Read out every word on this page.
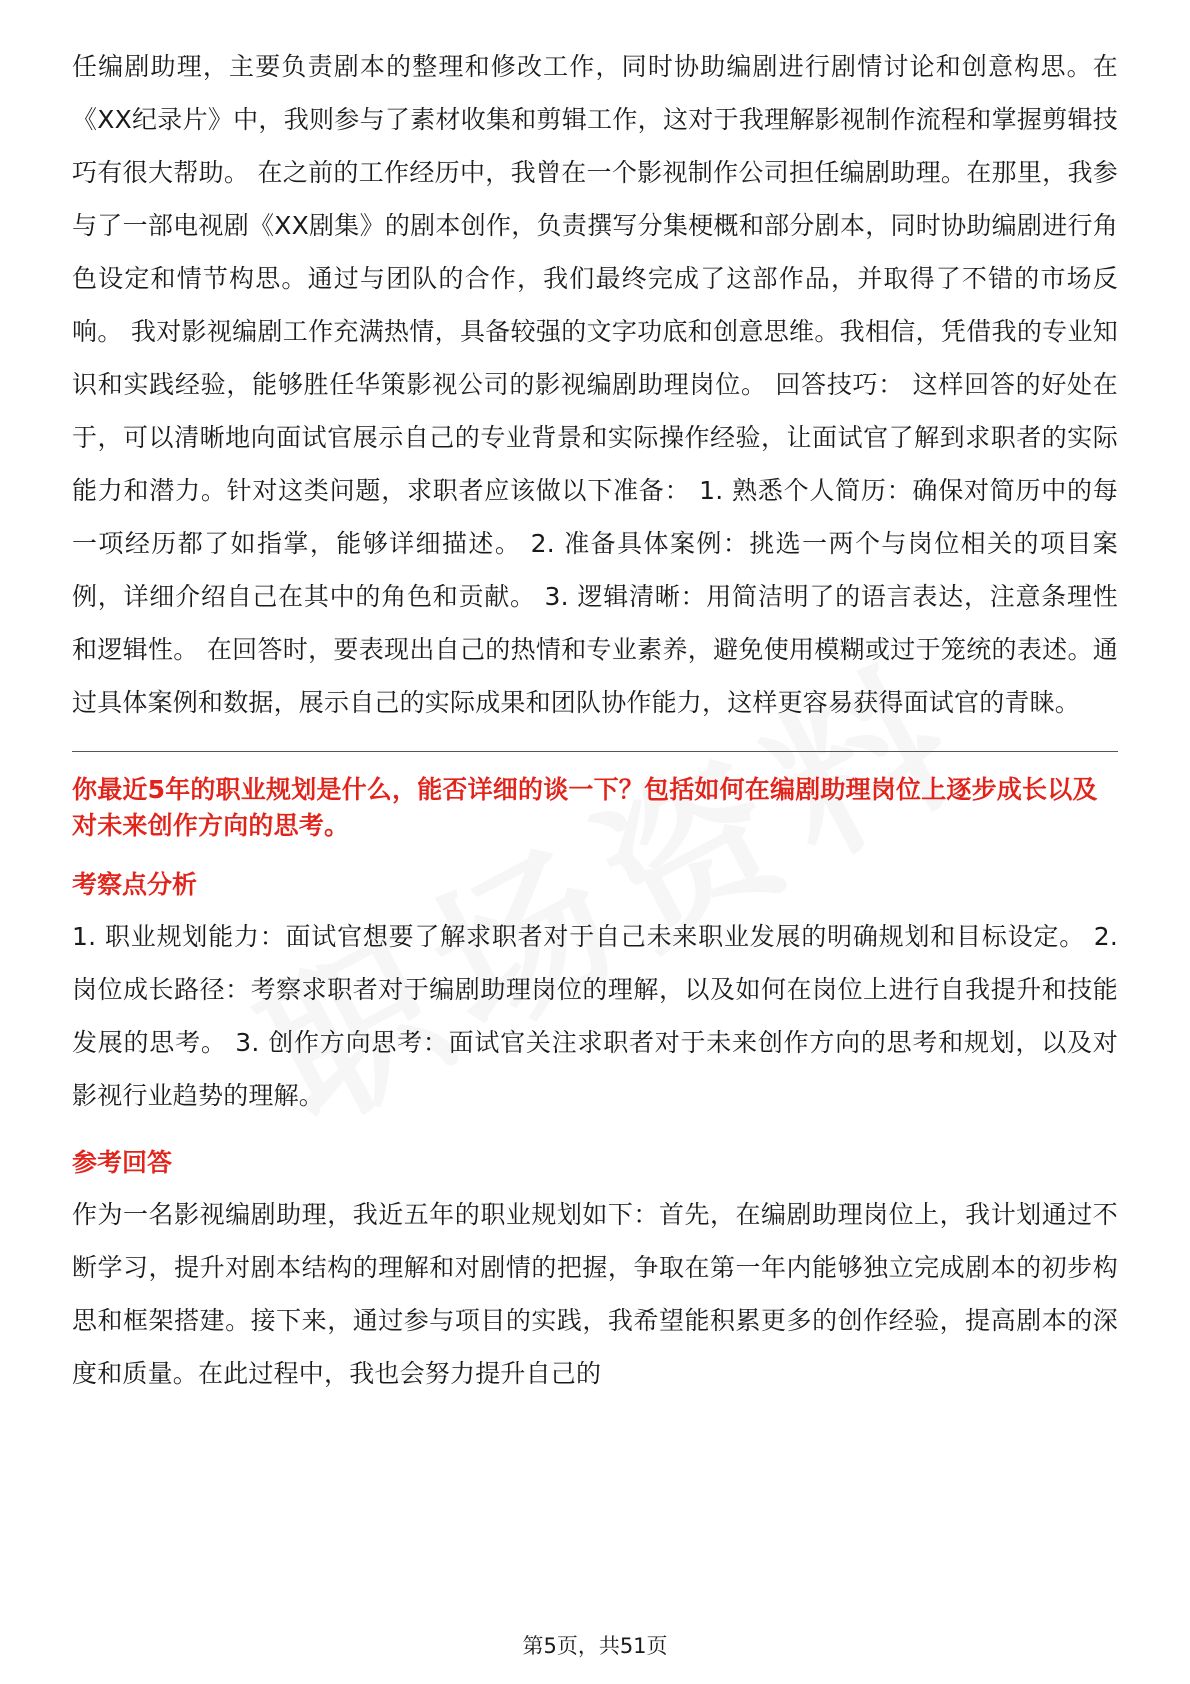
任编剧助理，主要负责剧本的整理和修改工作，同时协助编剧进行剧情讨论和创意构思。在《XX纪录片》中，我则参与了素材收集和剪辑工作，这对于我理解影视制作流程和掌握剪辑技巧有很大帮助。 在之前的工作经历中，我曾在一个影视制作公司担任编剧助理。在那里，我参与了一部电视剧《XX剧集》的剧本创作，负责撰写分集梗概和部分剧本，同时协助编剧进行角色设定和情节构思。通过与团队的合作，我们最终完成了这部作品，并取得了不错的市场反响。 我对影视编剧工作充满热情，具备较强的文字功底和创意思维。我相信，凭借我的专业知识和实践经验，能够胜任华策影视公司的影视编剧助理岗位。 回答技巧： 这样回答的好处在于，可以清晰地向面试官展示自己的专业背景和实际操作经验，让面试官了解到求职者的实际能力和潜力。针对这类问题，求职者应该做以下准备： 1. 熟悉个人简历：确保对简历中的每一项经历都了如指掌，能够详细描述。 2. 准备具体案例：挑选一两个与岗位相关的项目案例，详细介绍自己在其中的角色和贡献。 3. 逻辑清晰：用简洁明了的语言表达，注意条理性和逻辑性。 在回答时，要表现出自己的热情和专业素养，避免使用模糊或过于笼统的表述。通过具体案例和数据，展示自己的实际成果和团队协作能力，这样更容易获得面试官的青睐。

你最近5年的职业规划是什么，能否详细的谈一下？包括如何在编剧助理岗位上逐步成长以及对未来创作方向的思考。

考察点分析

1. 职业规划能力：面试官想要了解求职者对于自己未来职业发展的明确规划和目标设定。 2. 岗位成长路径：考察求职者对于编剧助理岗位的理解，以及如何在岗位上进行自我提升和技能发展的思考。 3. 创作方向思考：面试官关注求职者对于未来创作方向的思考和规划，以及对影视行业趋势的理解。

参考回答

作为一名影视编剧助理，我近五年的职业规划如下：首先，在编剧助理岗位上，我计划通过不断学习，提升对剧本结构的理解和对剧情的把握，争取在第一年内能够独立完成剧本的初步构思和框架搭建。接下来，通过参与项目的实践，我希望能积累更多的创作经验，提高剧本的深度和质量。在此过程中，我也会努力提升自己的

第5页，共51页
